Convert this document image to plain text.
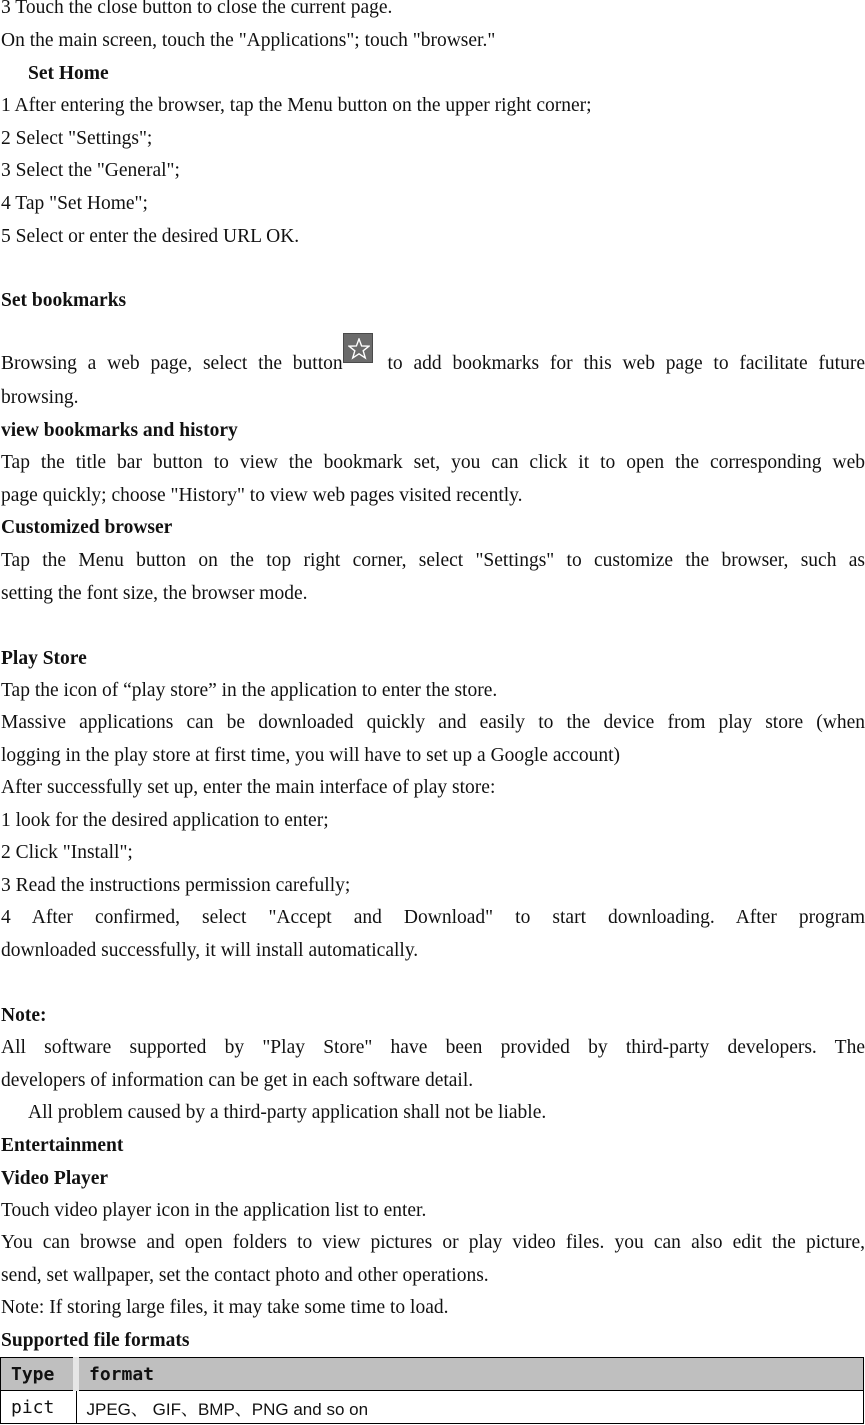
3 Touch the close button to close the current page.
On the main screen, touch the "Applications"; touch "browser."
Set Home
1 After entering the browser, tap the Menu button on the upper right corner;
2 Select "Settings";
3 Select the "General";
4 Tap "Set Home";
5 Select or enter the desired URL OK.
Set bookmarks
Browsing a web page, select the button
to add bookmarks for this web page to facilitate future
browsing.
view bookmarks and history
Tap the title bar button to view the bookmark set, you can click it to open the corresponding web
page quickly; choose "History" to view web pages visited recently.
Customized browser
Tap the Menu button on the top right corner, select "Settings" to customize the browser, such as
setting the font size, the browser mode.
Play Store
Tap the icon of “play store” in the application to enter the store.
Massive applications can be downloaded quickly and easily to the device from play store (when
logging in the play store at first time, you will have to set up a Google account)
After successfully set up, enter the main interface of play store:
1 look for the desired application to enter;
2 Click "Install";
3 Read the instructions permission carefully;
4 After confirmed, select "Accept and Download" to start downloading. After program
downloaded successfully, it will install automatically.
Note:
All software supported by "Play Store" have been provided by third-party developers. The
developers of information can be get in each software detail.
All problem caused by a third-party application shall not be liable.
Entertainment
Video Player
Touch video player icon in the application list to enter.
You can browse and open folders to view pictures or play video files. you can also edit the picture,
send, set wallpaper, set the contact photo and other operations.
Note: If storing large files, it may take some time to load.
Supported file formats
Type	format
pict	JPEG、 GIF、BMP、PNG and so on
